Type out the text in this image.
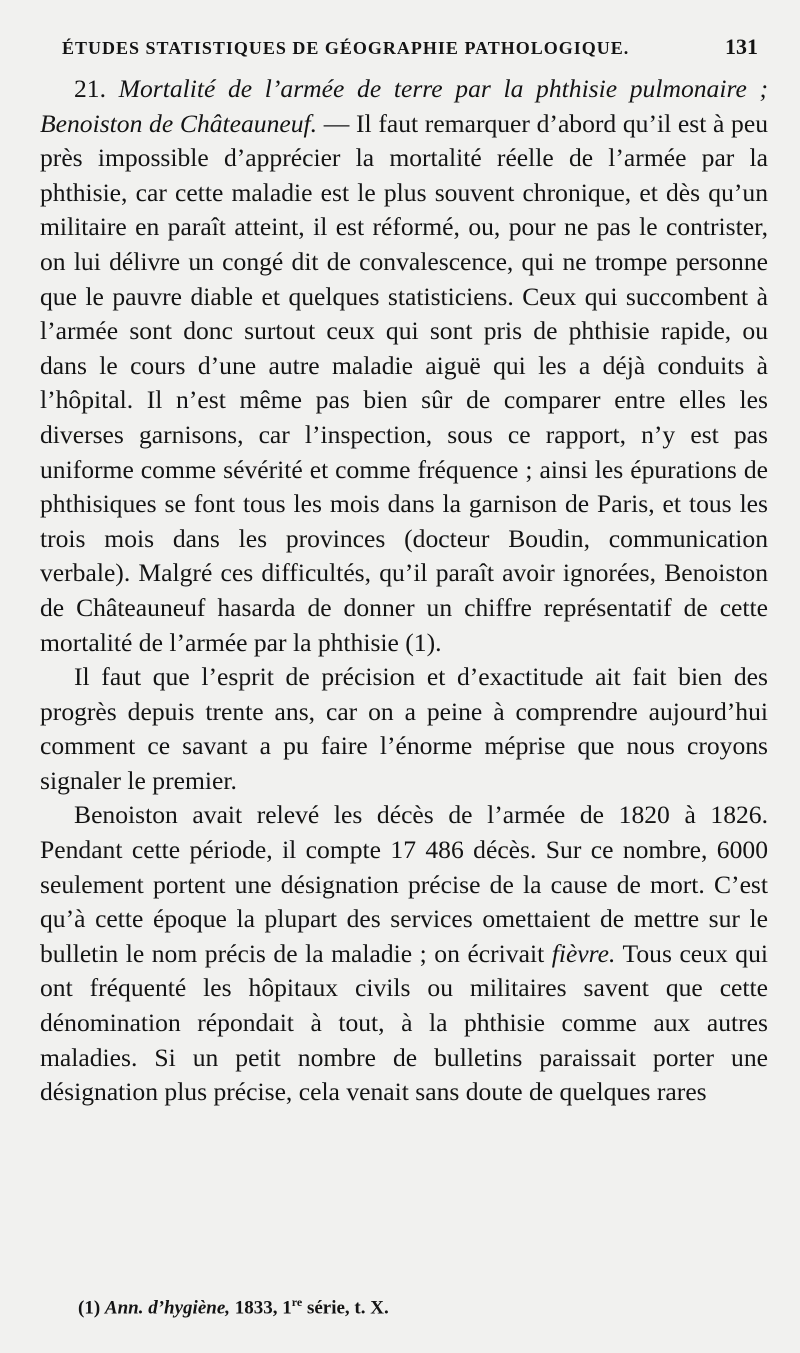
ÉTUDES STATISTIQUES DE GÉOGRAPHIE PATHOLOGIQUE.	131

21. Mortalité de l’armée de terre par la phthisie pulmonaire ; Benoiston de Châteauneuf. — Il faut remarquer d’abord qu’il est à peu près impossible d’apprécier la mortalité réelle de l’armée par la phthisie, car cette maladie est le plus souvent chronique, et dès qu’un militaire en paraît atteint, il est réformé, ou, pour ne pas le contrister, on lui délivre un congé dit de convalescence, qui ne trompe personne que le pauvre diable et quelques statisticiens. Ceux qui succombent à l’armée sont donc surtout ceux qui sont pris de phthisie rapide, ou dans le cours d’une autre maladie aiguë qui les a déjà conduits à l’hôpital. Il n’est même pas bien sûr de comparer entre elles les diverses garnisons, car l’inspection, sous ce rapport, n’y est pas uniforme comme sévérité et comme fréquence ; ainsi les épurations de phthisiques se font tous les mois dans la garnison de Paris, et tous les trois mois dans les provinces (docteur Boudin, communication verbale). Malgré ces difficultés, qu’il paraît avoir ignorées, Benoiston de Châteauneuf hasarda de donner un chiffre représentatif de cette mortalité de l’armée par la phthisie (1).

Il faut que l’esprit de précision et d’exactitude ait fait bien des progrès depuis trente ans, car on a peine à comprendre aujourd’hui comment ce savant a pu faire l’énorme méprise que nous croyons signaler le premier.

Benoiston avait relevé les décès de l’armée de 1820 à 1826. Pendant cette période, il compte 17 486 décès. Sur ce nombre, 6000 seulement portent une désignation précise de la cause de mort. C’est qu’à cette époque la plupart des services omettaient de mettre sur le bulletin le nom précis de la maladie ; on écrivait fièvre. Tous ceux qui ont fréquenté les hôpitaux civils ou militaires savent que cette dénomination répondait à tout, à la phthisie comme aux autres maladies. Si un petit nombre de bulletins paraissait porter une désignation plus précise, cela venait sans doute de quelques rares

(1) Ann. d’hygiène, 1833, 1re série, t. X.
